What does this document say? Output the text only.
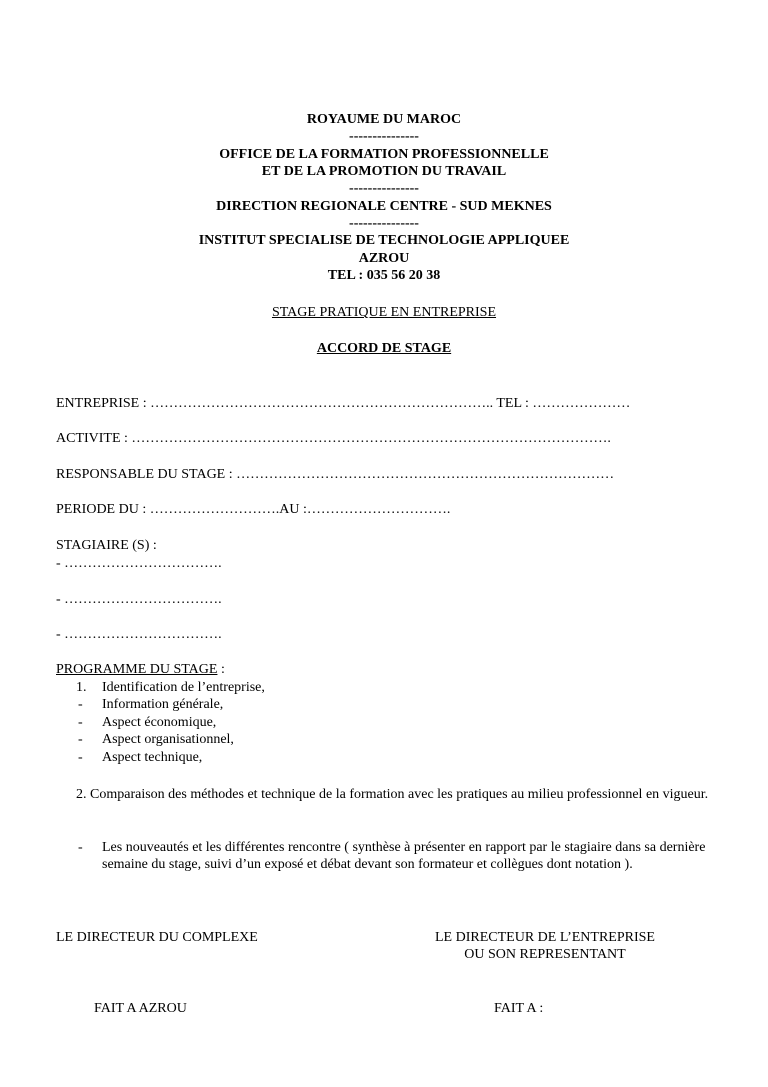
ROYAUME DU MAROC
---------------
OFFICE DE LA FORMATION PROFESSIONNELLE
ET DE LA PROMOTION DU TRAVAIL
---------------
DIRECTION REGIONALE CENTRE - SUD MEKNES
---------------
INSTITUT SPECIALISE DE TECHNOLOGIE APPLIQUEE
AZROU
TEL : 035 56 20 38
STAGE PRATIQUE EN ENTREPRISE
ACCORD DE STAGE
ENTREPRISE : ……………………………………………………………….. TEL : …………………
ACTIVITE : ………………………………………………………………………………………….
RESPONSABLE DU STAGE : ………………………………………………………………………
PERIODE DU : ……………………….AU :………………………….
STAGIAIRE (S) :
- …………………………….
- …………………………….
- …………………………….
PROGRAMME DU STAGE :
1. Identification de l’entreprise,
- Information générale,
- Aspect économique,
- Aspect organisationnel,
- Aspect technique,
2. Comparaison des méthodes et technique de la formation avec les pratiques au milieu professionnel en vigueur.
- Les nouveautés et les différentes rencontre ( synthèse à présenter en rapport par le stagiaire dans sa dernière semaine du stage, suivi d’un exposé et débat devant son formateur et collègues dont notation ).
LE DIRECTEUR DU COMPLEXE	LE DIRECTEUR DE L’ENTREPRISE
OU SON REPRESENTANT
FAIT A AZROU	FAIT A :
